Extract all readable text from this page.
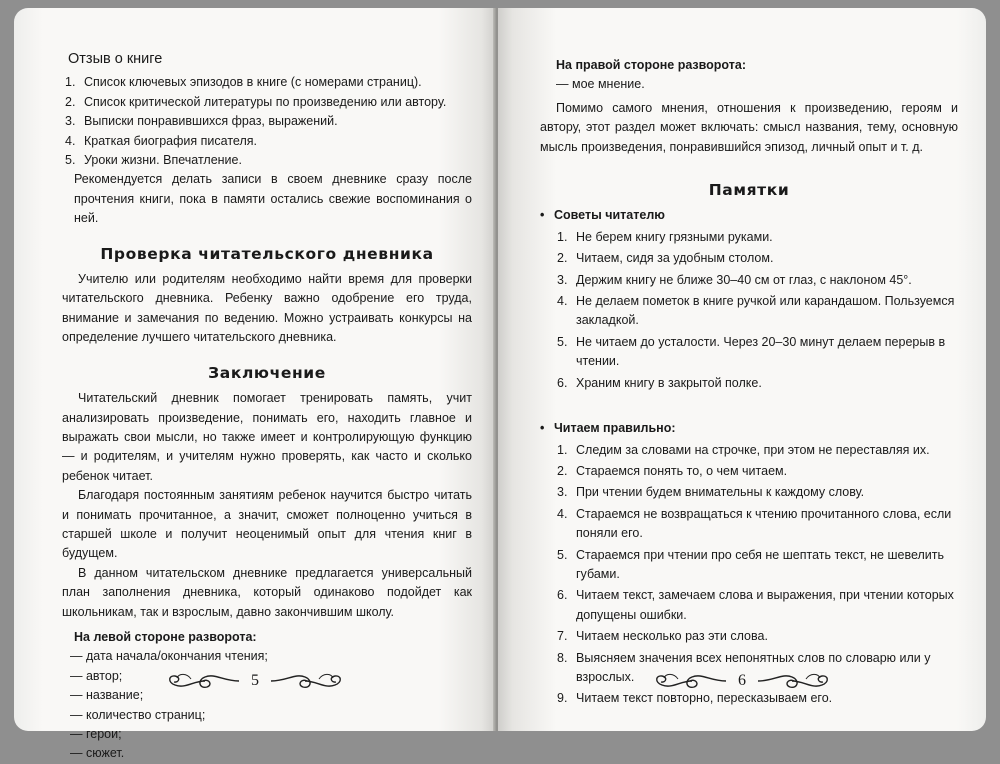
Отзыв о книге
1. Список ключевых эпизодов в книге (с номерами страниц).
2. Список критической литературы по произведению или автору.
3. Выписки понравившихся фраз, выражений.
4. Краткая биография писателя.
5. Уроки жизни. Впечатление.

Рекомендуется делать записи в своем дневнике сразу после прочтения книги, пока в памяти остались свежие воспоминания о ней.

Проверка читательского дневника

Учителю или родителям необходимо найти время для проверки читательского дневника. Ребенку важно одобрение его труда, внимание и замечания по ведению. Можно устраивать конкурсы на определение лучшего читательского дневника.

Заключение

Читательский дневник помогает тренировать память, учит анализировать произведение, понимать его, находить главное и выражать свои мысли, но также имеет и контролирующую функцию — и родителям, и учителям нужно проверять, как часто и сколько ребенок читает.

Благодаря постоянным занятиям ребенок научится быстро читать и понимать прочитанное, а значит, сможет полноценно учиться в старшей школе и получит неоценимый опыт для чтения книг в будущем.

В данном читательском дневнике предлагается универсальный план заполнения дневника, который одинаково подойдет как школьникам, так и взрослым, давно закончившим школу.

На левой стороне разворота:
— дата начала/окончания чтения;
— автор;
— название;
— количество страниц;
— герои;
— сюжет.
5
На правой стороне разворота:
— мое мнение.

Помимо самого мнения, отношения к произведению, героям и автору, этот раздел может включать: смысл названия, тему, основную мысль произведения, понравившийся эпизод, личный опыт и т. д.

Памятки
• Советы читателю
1. Не берем книгу грязными руками.
2. Читаем, сидя за удобным столом.
3. Держим книгу не ближе 30–40 см от глаз, с наклоном 45°.
4. Не делаем пометок в книге ручкой или карандашом. Пользуемся закладкой.
5. Не читаем до усталости. Через 20–30 минут делаем перерыв в чтении.
6. Храним книгу в закрытой полке.
• Читаем правильно:
1. Следим за словами на строчке, при этом не переставляя их.
2. Стараемся понять то, о чем читаем.
3. При чтении будем внимательны к каждому слову.
4. Стараемся не возвращаться к чтению прочитанного слова, если поняли его.
5. Стараемся при чтении про себя не шептать текст, не шевелить губами.
6. Читаем текст, замечаем слова и выражения, при чтении которых допущены ошибки.
7. Читаем несколько раз эти слова.
8. Выясняем значения всех непонятных слов по словарю или у взрослых.
9. Читаем текст повторно, пересказываем его.
6
